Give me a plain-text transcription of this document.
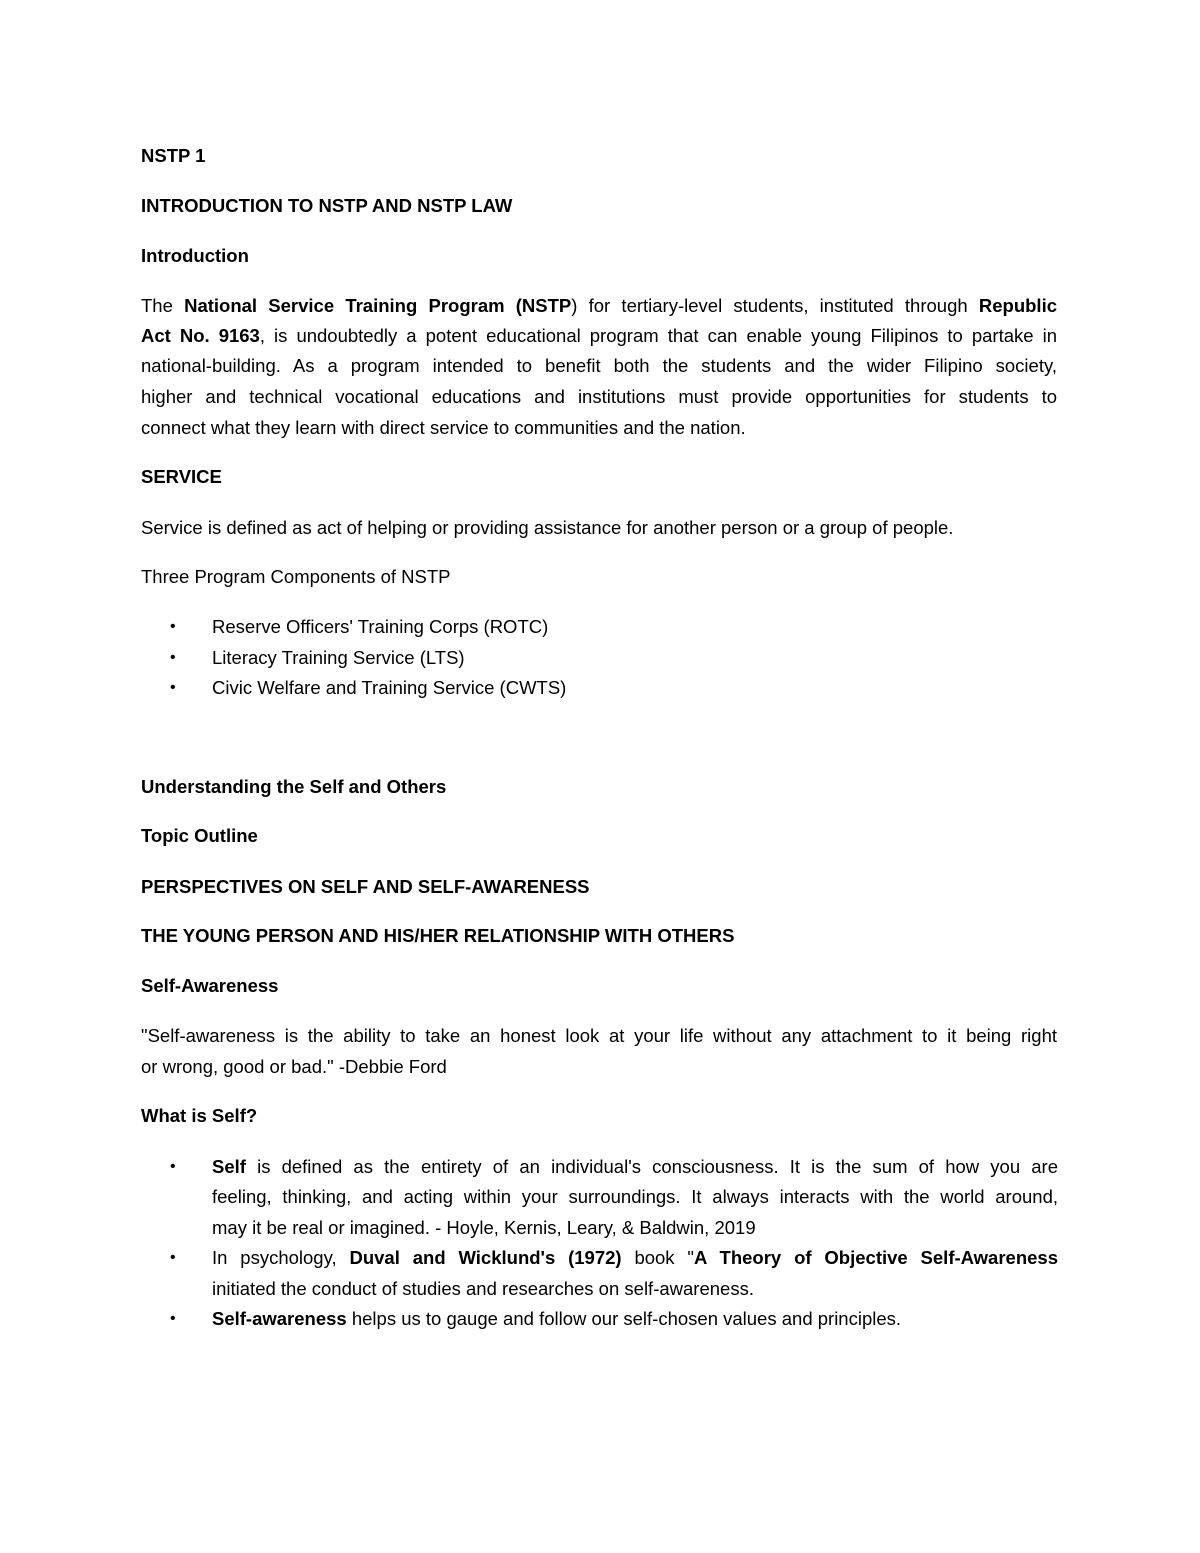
NSTP 1
INTRODUCTION TO NSTP AND NSTP LAW
Introduction
The National Service Training Program (NSTP) for tertiary-level students, instituted through Republic
Act No. 9163, is undoubtedly a potent educational program that can enable young Filipinos to partake in
national-building. As a program intended to benefit both the students and the wider Filipino society,
higher and technical vocational educations and institutions must provide opportunities for students to
connect what they learn with direct service to communities and the nation.
SERVICE
Service is defined as act of helping or providing assistance for another person or a group of people.
Three Program Components of NSTP
• Reserve Officers' Training Corps (ROTC)
• Literacy Training Service (LTS)
• Civic Welfare and Training Service (CWTS)
Understanding the Self and Others
Topic Outline
PERSPECTIVES ON SELF AND SELF-AWARENESS
THE YOUNG PERSON AND HIS/HER RELATIONSHIP WITH OTHERS
Self-Awareness
"Self-awareness is the ability to take an honest look at your life without any attachment to it being right
or wrong, good or bad." -Debbie Ford
What is Self?
• Self is defined as the entirety of an individual's consciousness. It is the sum of how you are
feeling, thinking, and acting within your surroundings. It always interacts with the world around,
may it be real or imagined. - Hoyle, Kernis, Leary, & Baldwin, 2019
• In psychology, Duval and Wicklund's (1972) book "A Theory of Objective Self-Awareness
initiated the conduct of studies and researches on self-awareness.
• Self-awareness helps us to gauge and follow our self-chosen values and principles.
